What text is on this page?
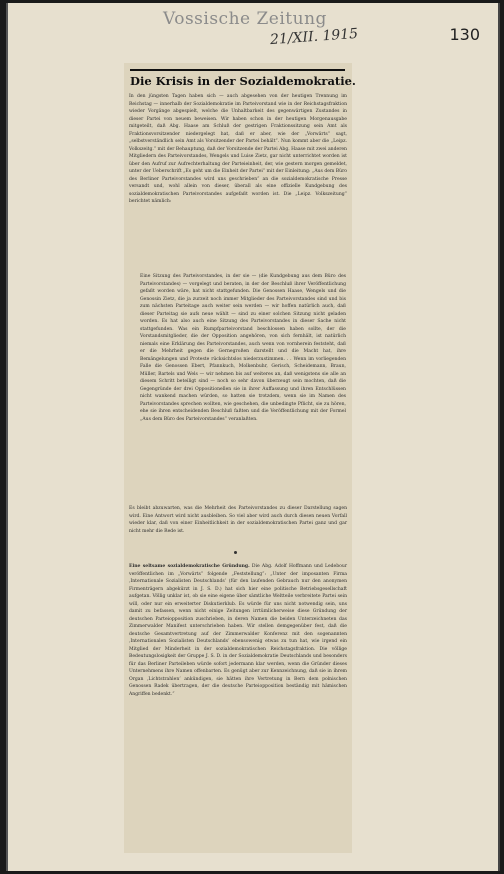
Vossische Zeitung
21/XII. 1915	130
Die Krisis in der Sozialdemokratie.
In den jüngsten Tagen haben sich — auch abgesehen von der heutigen Trennung im Reichstag — innerhalb der Sozialdemokratie im Parteivorstand wie in der Reichstagsfraktion wieder Vorgänge abgespielt, welche die Unhaltbarkeit des gegenwärtigen Zustandes in dieser Partei von neuem beweisen. Wir haben schon in der heutigen Morgenausgabe mitgeteilt, daß Abg. Haase am Schluß der gestrigen Fraktionssitzung sein Amt als Fraktionsvorsitzender niedergelegt hat, daß er aber, wie der „Vorwärts“ sagt, „selbstverständlich sein Amt als Vorsitzender der Partei behält“. Nun kommt aber die „Leipz. Volkszeitg.“ mit der Behauptung, daß der Vorsitzende der Partei Abg. Haase mit zwei anderen Mitgliedern des Parteivorstandes, Wengels und Luise Zietz, gar nicht unterrichtet worden ist über den Aufruf zur Aufrechterhaltung der Parteieinheit, der, wie gestern morgen gemeldet, unter der Ueberschrift „Es geht um die Einheit der Partei“ mit der Einleitung: „Aus dem Büro des Berliner Parteivorstandes wird uns geschrieben“ an die sozialdemokratische Presse versandt und, wohl allein von dieser, überall als eine offizielle Kundgebung des sozialdemokratischen Parteivorstandes aufgefaßt worden ist. Die „Leipz. Volkszeitung“ berichtet nämlich:
Eine Sitzung des Parteivorstandes, in der sie — (die Kundgebung aus dem Büro des Parteivorstandes) — vorgelegt und beraten, in der der Beschluß ihrer Veröffentlichung gefaßt worden wäre, hat nicht stattgefunden. Die Genossen Haase, Wengels und die Genossin Zietz, die ja zurzeit noch immer Mitglieder des Parteivorstandes sind und bis zum nächsten Parteitage auch weiter sein werden — wir hoffen natürlich auch, daß dieser Parteitag sie aufs neue wählt — sind zu einer solchen Sitzung nicht geladen worden. Es hat also auch eine Sitzung des Parteivorstandes in dieser Sache nicht stattgefunden. Was ein Rumpfparteivorstand beschlossen haben sollte, der die Vorstandsmitglieder, die der Opposition angehören, von sich fernhält, ist natürlich niemals eine Erklärung des Parteivorstandes, auch wenn von vornherein feststeht, daß er die Mehrheit gegen die Gernegroßen darstellt und die Macht hat, ihre Bemängelungen und Proteste rücksichtslos niederzustimmen. . . Wenn im vorliegenden Falle die Genossen Ebert, Pfannkuch, Molkenbuhr, Gerisch, Scheidemann, Braun, Müller, Bartels und Wels — wir nehmen bis auf weiteres an, daß wenigstens sie alle an diesem Schritt beteiligt sind — noch so sehr davon überzeugt sein mochten, daß die Gegengründe der drei Oppositionellen sie in ihrer Auffassung und ihren Entschlüssen nicht wankend machen würden, so hatten sie trotzdem, wenn sie im Namen des Parteivorstandes sprechen wollten, wie geschehen, die unbedingte Pflicht, sie zu hören, ehe sie ihren entscheidenden Beschluß faßten und die Veröffentlichung mit der Formel „Aus dem Büro des Parteivorstandes“ veranlaßten.
Es bleibt abzuwarten, was die Mehrheit des Parteivorstandes zu dieser Darstellung sagen wird. Eine Antwort wird nicht ausbleiben. So viel aber wird auch durch diesen neuen Vorfall wieder klar, daß von einer Einheitlichkeit in der sozialdemokratischen Partei ganz und gar nicht mehr die Rede ist.
Eine seltsame sozialdemokratische Gründung. Die Abg. Adolf Hoffmann und Ledebour veröffentlichen im „Vorwärts“ folgende „Feststellung“: „Unter der imposanten Firma ‚Internationale Sozialisten Deutschlands‘ (für den laufenden Gebrauch nur den anonymen Firmenträgern abgekürzt in J. S. D.) hat sich hier eine politische Betriebsgesellschaft aufgetan. Völlig unklar ist, ob sie eine eigene über sämtliche Weltteile verbreitete Partei sein will, oder nur ein erweiterter Diskutierklub. Es würde für uns nicht notwendig sein, uns damit zu befassen, wenn nicht einige Zeitungen irrtümlicherweise diese Gründung der deutschen Parteiopposition zuschrieben, in deren Namen die beiden Unterzeichneten das Zimmerwalder Manifest unterschrieben haben. Wir stellen demgegenüber fest, daß die deutsche Gesamtvertretung auf der Zimmerwalder Konferenz mit den sogenannten ‚Internationalen Sozialisten Deutschlands‘ ebensowenig etwas zu tun hat, wie irgend ein Mitglied der Minderheit in der sozialdemokratischen Reichstagsfraktion. Die völlige Bedeutungslosigkeit der Gruppe J. S. D. in der Sozialdemokratie Deutschlands und besonders für das Berliner Parteileben würde sofort jedermann klar werden, wenn die Gründer dieses Unternehmens ihre Namen offenbarten. Es genügt aber zur Kennzeichnung, daß sie in ihrem Organ ‚Lichtstrahlen‘ ankündigen, sie hätten ihre Vertretung in Bern dem polnischen Genossen Radek übertragen, der die deutsche Parteiopposition beständig mit hämischen Angriffen bedenkt.“
